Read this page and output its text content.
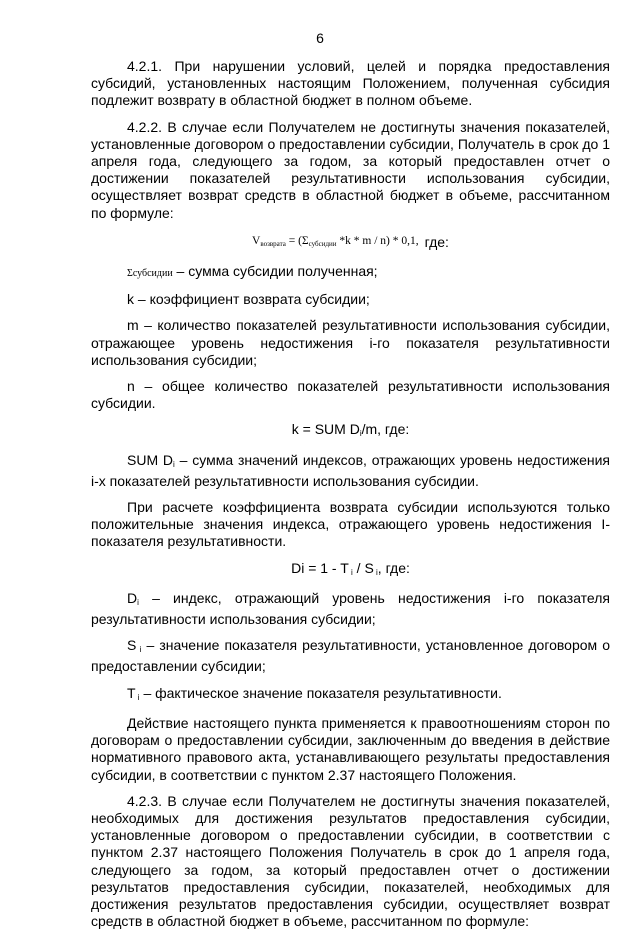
6

4.2.1. При нарушении условий, целей и порядка предоставления субсидий, установленных настоящим Положением, полученная субсидия подлежит возврату в областной бюджет в полном объеме.

4.2.2. В случае если Получателем не достигнуты значения показателей, установленные договором о предоставлении субсидии, Получатель в срок до 1 апреля года, следующего за годом, за который предоставлен отчет о достижении показателей результативности использования субсидии, осуществляет возврат средств в областной бюджет в объеме, рассчитанном по формуле:

Vвозврата = (Σсубсидии *k * m / n) * 0,1, где:

Σсубсидии – сумма субсидии полученная;

k – коэффициент возврата субсидии;

m – количество показателей результативности использования субсидии, отражающее уровень недостижения i-го показателя результативности использования субсидии;

n – общее количество показателей результативности использования субсидии.

k = SUM Di/m, где:

SUM Di – сумма значений индексов, отражающих уровень недостижения i-х показателей результативности использования субсидии.

При расчете коэффициента возврата субсидии используются только положительные значения индекса, отражающего уровень недостижения I-показателя результативности.

Di = 1 - T i / S i, где:

Di – индекс, отражающий уровень недостижения i-го показателя результативности использования субсидии;

S i – значение показателя результативности, установленное договором о предоставлении субсидии;

T i – фактическое значение показателя результативности.

Действие настоящего пункта применяется к правоотношениям сторон по договорам о предоставлении субсидии, заключенным до введения в действие нормативного правового акта, устанавливающего результаты предоставления субсидии, в соответствии с пунктом 2.37 настоящего Положения.

4.2.3. В случае если Получателем не достигнуты значения показателей, необходимых для достижения результатов предоставления субсидии, установленные договором о предоставлении субсидии, в соответствии с пунктом 2.37 настоящего Положения Получатель в срок до 1 апреля года, следующего за годом, за который предоставлен отчет о достижении результатов предоставления субсидии, показателей, необходимых для достижения результатов предоставления субсидии, осуществляет возврат средств в областной бюджет в объеме, рассчитанном по формуле:
